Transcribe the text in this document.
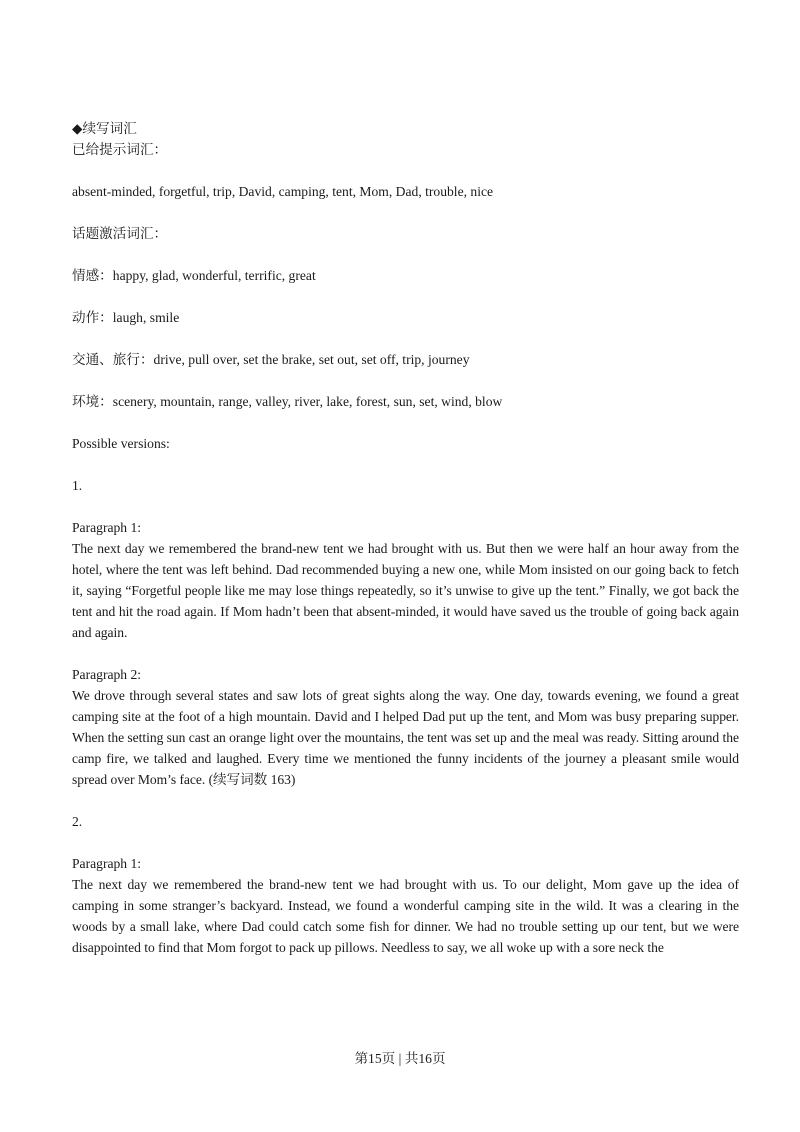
◆续写词汇

已给提示词汇：

absent-minded, forgetful, trip, David, camping, tent, Mom, Dad, trouble, nice

话题激活词汇：

情感：happy, glad, wonderful, terrific, great

动作：laugh, smile

交通、旅行：drive, pull over, set the brake, set out, set off, trip, journey

环境：scenery, mountain, range, valley, river, lake, forest, sun, set, wind, blow

Possible versions:

1.

Paragraph 1:

The next day we remembered the brand-new tent we had brought with us. But then we were half an hour away from the hotel, where the tent was left behind. Dad recommended buying a new one, while Mom insisted on our going back to fetch it, saying “Forgetful people like me may lose things repeatedly, so it’s unwise to give up the tent.” Finally, we got back the tent and hit the road again. If Mom hadn’t been that absent-minded, it would have saved us the trouble of going back again and again.

Paragraph 2:

We drove through several states and saw lots of great sights along the way. One day, towards evening, we found a great camping site at the foot of a high mountain. David and I helped Dad put up the tent, and Mom was busy preparing supper. When the setting sun cast an orange light over the mountains, the tent was set up and the meal was ready. Sitting around the camp fire, we talked and laughed. Every time we mentioned the funny incidents of the journey a pleasant smile would spread over Mom’s face. (续写词数 163)

2.

Paragraph 1:

The next day we remembered the brand-new tent we had brought with us. To our delight, Mom gave up the idea of camping in some stranger’s backyard. Instead, we found a wonderful camping site in the wild. It was a clearing in the woods by a small lake, where Dad could catch some fish for dinner. We had no trouble setting up our tent, but we were disappointed to find that Mom forgot to pack up pillows. Needless to say, we all woke up with a sore neck the

第15页 | 共16页
